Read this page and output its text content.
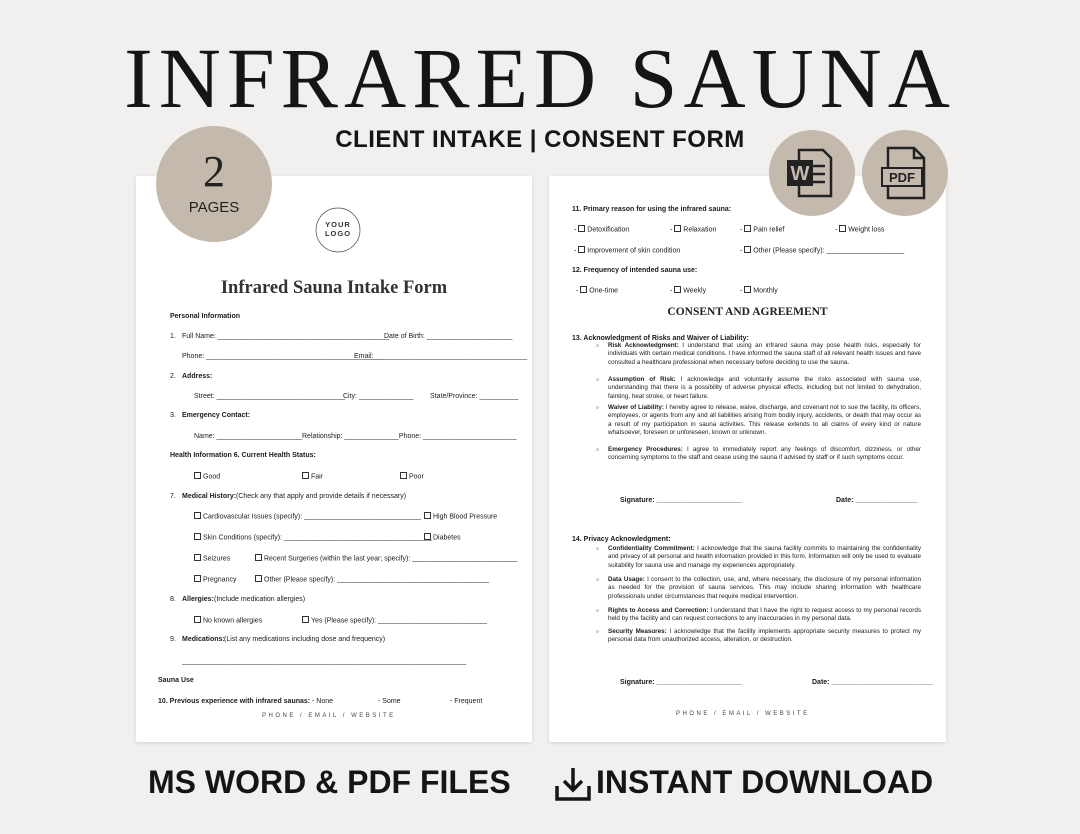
INFRARED SAUNA
CLIENT INTAKE | CONSENT FORM
2
PAGES
W	PDF
MS WORD & PDF FILES	INSTANT DOWNLOAD
YOUR
LOGO
Infrared Sauna Intake Form
Personal Information
1. Full Name: ____________________________________________
Date of Birth: ______________________
Phone: _____________________________________________
Email: _______________________________________
2. Address:
Street: _________________________________
City: ______________ State/Province: __________
3. Emergency Contact:
Name: ______________________ Relationship: ______________Phone: ________________________
Health Information 6. Current Health Status:
Good	Fair	Poor
7. Medical History: (Check any that apply and provide details if necessary)
Cardiovascular Issues (specify): ______________________________	High Blood Pressure
Skin Conditions (specify): ______________________________________ Diabetes
Seizures	Recent Surgeries (within the last year; specify): ___________________________
Pregnancy	Other (Please specify): _______________________________________
8. Allergies: (Include medication allergies)
No known allergies	Yes (Please specify): ____________________________
9. Medications: (List any medications including dose and frequency)
_________________________________________________________________________
Sauna Use
10. Previous experience with infrared saunas: - None	- Some	- Frequent
PHONE / EMAIL / WEBSITE
11. Primary reason for using the infrared sauna:
- Detoxification	- Relaxation	- Pain relief	- Weight loss
- Improvement of skin condition	- Other (Please specify): ____________________
12. Frequency of intended sauna use:
- One-time	- Weekly	- Monthly
CONSENT AND AGREEMENT
13. Acknowledgment of Risks and Waiver of Liability:
◦ Risk Acknowledgment: I understand that using an infrared sauna may pose health risks, especially for individuals with certain medical conditions. I have informed the sauna staff of all relevant health issues and have consulted a healthcare professional when necessary before deciding to use the sauna.
◦ Assumption of Risk: I acknowledge and voluntarily assume the risks associated with sauna use, understanding that there is a possibility of adverse physical effects, including but not limited to dehydration, fainting, heat stroke, or heart failure.
◦ Waiver of Liability: I hereby agree to release, waive, discharge, and covenant not to sue the facility, its officers, employees, or agents from any and all liabilities arising from bodily injury, accidents, or death that may occur as a result of my participation in sauna activities. This release extends to all claims of every kind or nature whatsoever, foreseen or unforeseen, known or unknown.
◦ Emergency Procedures: I agree to immediately report any feelings of discomfort, dizziness, or other concerning symptoms to the staff and cease using the sauna if advised by staff or if such symptoms occur.
Signature: ______________________	Date: ________________
14. Privacy Acknowledgment:
◦ Confidentiality Commitment: I acknowledge that the sauna facility commits to maintaining the confidentiality and privacy of all personal and health information provided in this form. Information will only be used to evaluate suitability for sauna use and manage my experiences appropriately.
◦ Data Usage: I consent to the collection, use, and, where necessary, the disclosure of my personal information as needed for the provision of sauna services. This may include sharing information with healthcare professionals under circumstances that require medical intervention.
◦ Rights to Access and Correction: I understand that I have the right to request access to my personal records held by the facility and can request corrections to any inaccuracies in my personal data.
◦ Security Measures: I acknowledge that the facility implements appropriate security measures to protect my personal data from unauthorized access, alteration, or destruction.
Signature: ______________________	Date: __________________________
PHONE / EMAIL / WEBSITE
